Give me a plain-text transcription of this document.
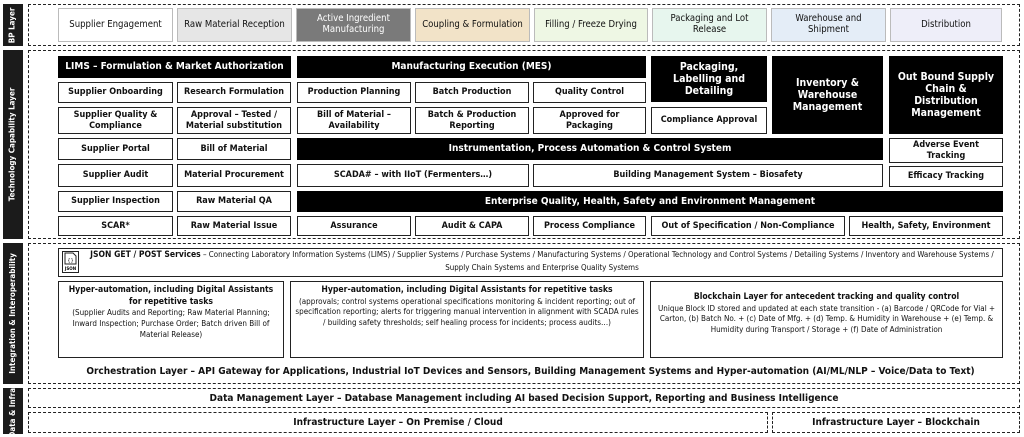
BP Layer
Technology Capability Layer
Integration & Interoperability
Data & Infra.
Supplier Engagement	Raw Material Reception	Active Ingredient Manufacturing	Coupling & Formulation	Filling / Freeze Drying	Packaging and Lot Release
Warehouse and Shipment	Distribution
LIMS – Formulation & Market Authorization	Manufacturing Execution (MES)	Packaging, Labelling and Detailing
Inventory & Warehouse Management
Out Bound Supply Chain & Distribution Management
Supplier Onboarding	Research Formulation	Production Planning	Batch Production	Quality Control
Supplier Quality & Compliance
Approval – Tested / Material substitution
Bill of Material – Availability
Batch & Production Reporting
Approved for Packaging
Compliance Approval
Supplier Portal	Bill of Material	Instrumentation, Process Automation & Control System	Adverse Event Tracking
Supplier Audit	Material Procurement	SCADA# – with IIoT (Fermenters…)	Building Management System – Biosafety	Efficacy Tracking
Supplier Inspection	Raw Material QA	Enterprise Quality, Health, Safety and Environment Management
SCAR*	Raw Material Issue	Assurance	Audit & CAPA	Process Compliance	Out of Specification / Non-Compliance	Health, Safety, Environment
{}
JSON
JSON GET / POST Services – Connecting Laboratory Information Systems (LIMS) / Supplier Systems / Purchase Systems / Manufacturing Systems / Operational Technology and Control Systems / Detailing Systems / Inventory and Warehouse Systems / Supply Chain Systems and Enterprise Quality Systems
Hyper-automation, including Digital Assistants for repetitive tasks
(Supplier Audits and Reporting; Raw Material Planning; Inward Inspection; Purchase Order; Batch driven Bill of Material Release)
Hyper-automation, including Digital Assistants for repetitive tasks
(approvals; control systems operational specifications monitoring & incident reporting; out of specification reporting; alerts for triggering manual intervention in alignment with SCADA rules / building safety thresholds; self healing process for incidents; process audits…)
Blockchain Layer for antecedent tracking and quality control
Unique Block ID stored and updated at each state transition - (a) Barcode / QRCode for Vial + Carton, (b) Batch No. + (c) Date of Mfg. + (d) Temp. & Humidity in Warehouse + (e) Temp. & Humidity during Transport / Storage + (f) Date of Administration
Orchestration Layer – API Gateway for Applications, Industrial IoT Devices and Sensors, Building Management Systems and Hyper-automation (AI/ML/NLP – Voice/Data to Text)
Data Management Layer – Database Management including AI based Decision Support, Reporting and Business Intelligence
Infrastructure Layer – On Premise / Cloud	Infrastructure Layer – Blockchain
